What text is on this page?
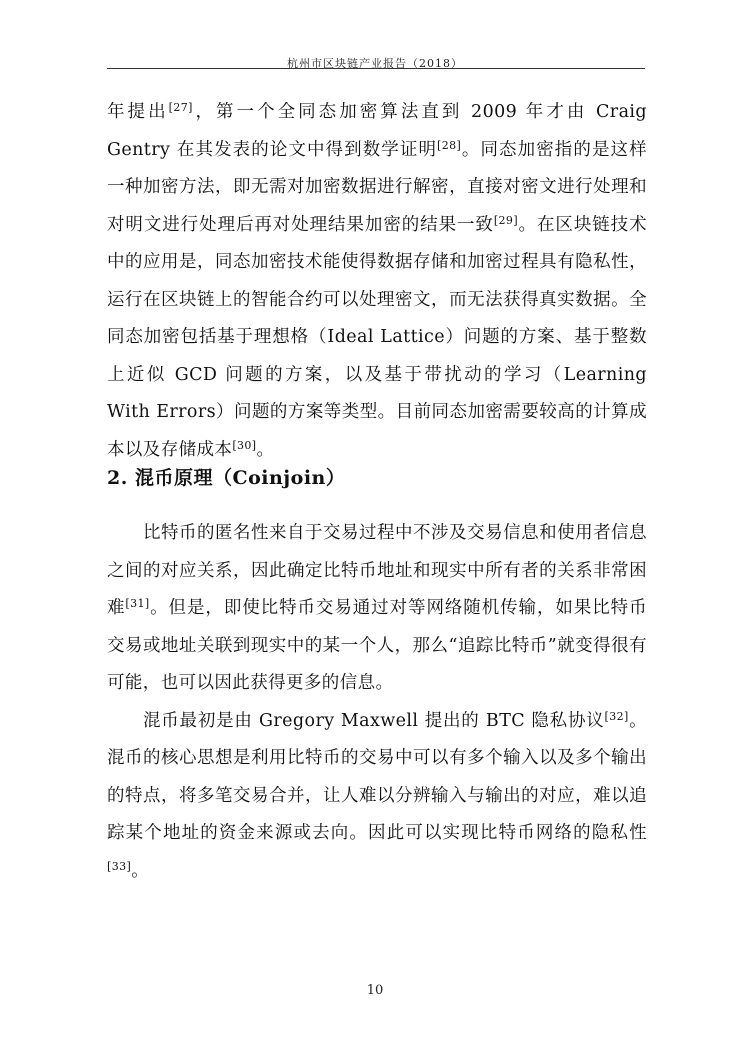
杭州市区块链产业报告（2018）

年提出[27]，第一个全同态加密算法直到 2009 年才由 Craig Gentry 在其发表的论文中得到数学证明[28]。同态加密指的是这样一种加密方法，即无需对加密数据进行解密，直接对密文进行处理和对明文进行处理后再对处理结果加密的结果一致[29]。在区块链技术中的应用是，同态加密技术能使得数据存储和加密过程具有隐私性，运行在区块链上的智能合约可以处理密文，而无法获得真实数据。全同态加密包括基于理想格（Ideal Lattice）问题的方案、基于整数上近似 GCD 问题的方案，以及基于带扰动的学习（Learning With Errors）问题的方案等类型。目前同态加密需要较高的计算成本以及存储成本[30]。

2. 混币原理（Coinjoin）

比特币的匿名性来自于交易过程中不涉及交易信息和使用者信息之间的对应关系，因此确定比特币地址和现实中所有者的关系非常困难[31]。但是，即使比特币交易通过对等网络随机传输，如果比特币交易或地址关联到现实中的某一个人，那么“追踪比特币”就变得很有可能，也可以因此获得更多的信息。

混币最初是由 Gregory Maxwell 提出的 BTC 隐私协议[32]。混币的核心思想是利用比特币的交易中可以有多个输入以及多个输出的特点，将多笔交易合并，让人难以分辨输入与输出的对应，难以追踪某个地址的资金来源或去向。因此可以实现比特币网络的隐私性[33]。

10
